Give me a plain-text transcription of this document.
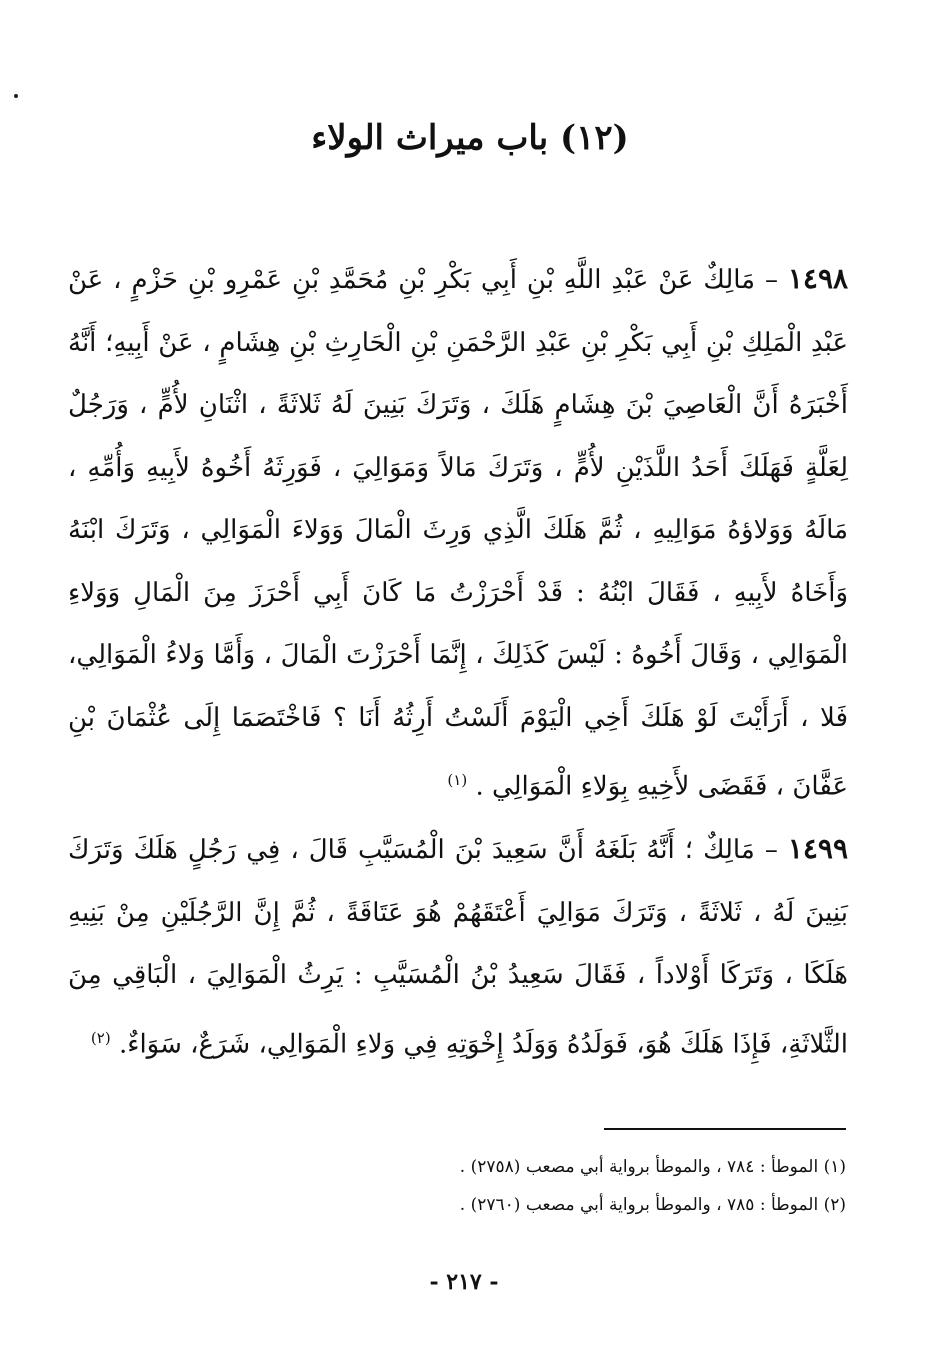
(١٢) باب ميراث الولاء

١٤٩٨ – مَالِكٌ عَنْ عَبْدِ اللَّهِ بْنِ أَبِي بَكْرِ بْنِ مُحَمَّدِ بْنِ عَمْرِو بْنِ حَزْمٍ ، عَنْ عَبْدِ الْمَلِكِ بْنِ أَبِي بَكْرِ بْنِ عَبْدِ الرَّحْمَنِ بْنِ الْحَارِثِ بْنِ هِشَامٍ ، عَنْ أَبِيهِ؛ أَنَّهُ أَخْبَرَهُ أَنَّ الْعَاصِيَ بْنَ هِشَامٍ هَلَكَ ، وَتَرَكَ بَنِينَ لَهُ ثَلاثَةً ، اثْنَانِ لأُمٍّ ، وَرَجُلٌ لِعَلَّةٍ فَهَلَكَ أَحَدُ اللَّذَيْنِ لأُمٍّ ، وَتَرَكَ مَالاً وَمَوَالِيَ ، فَوَرِثَهُ أَخُوهُ لأَبِيهِ وَأُمِّهِ ، مَالَهُ وَوَلاؤهُ مَوَالِيهِ ، ثُمَّ هَلَكَ الَّذِي وَرِثَ الْمَالَ وَوَلاءَ الْمَوَالِي ، وَتَرَكَ ابْنَهُ وَأَخَاهُ لأَبِيهِ ، فَقَالَ ابْنُهُ : قَدْ أَحْرَزْتُ مَا كَانَ أَبِي أَحْرَزَ مِنَ الْمَالِ وَوَلاءِ الْمَوَالِي ، وَقَالَ أَخُوهُ : لَيْسَ كَذَلِكَ ، إِنَّمَا أَحْرَزْتَ الْمَالَ ، وَأَمَّا وَلاءُ الْمَوَالِي، فَلا ، أَرَأَيْتَ لَوْ هَلَكَ أَخِي الْيَوْمَ أَلَسْتُ أَرِثُهُ أَنَا ؟ فَاخْتَصَمَا إِلَى عُثْمَانَ بْنِ عَفَّانَ ، فَقَضَى لأَخِيهِ بِوَلاءِ الْمَوَالِي . $^{(١)}$

١٤٩٩ – مَالِكٌ ؛ أَنَّهُ بَلَغَهُ أَنَّ سَعِيدَ بْنَ الْمُسَيَّبِ قَالَ ، فِي رَجُلٍ هَلَكَ وَتَرَكَ بَنِينَ لَهُ ، ثَلاثَةً ، وَتَرَكَ مَوَالِيَ أَعْتَقَهُمْ هُوَ عَتَاقَةً ، ثُمَّ إِنَّ الرَّجُلَيْنِ مِنْ بَنِيهِ هَلَكَا ، وَتَرَكَا أَوْلاداً ، فَقَالَ سَعِيدُ بْنُ الْمُسَيَّبِ : يَرِثُ الْمَوَالِيَ ، الْبَاقِي مِنَ الثَّلاثَةِ، فَإِذَا هَلَكَ هُوَ، فَوَلَدُهُ وَوَلَدُ إِخْوَتِهِ فِي وَلاءِ الْمَوَالِي، شَرَعٌ، سَوَاءٌ. $^{(٢)}$

(١) الموطأ : ٧٨٤ ، والموطأ برواية أبي مصعب (٢٧٥٨) .

(٢) الموطأ : ٧٨٥ ، والموطأ برواية أبي مصعب (٢٧٦٠) .

- ٢١٧ -
